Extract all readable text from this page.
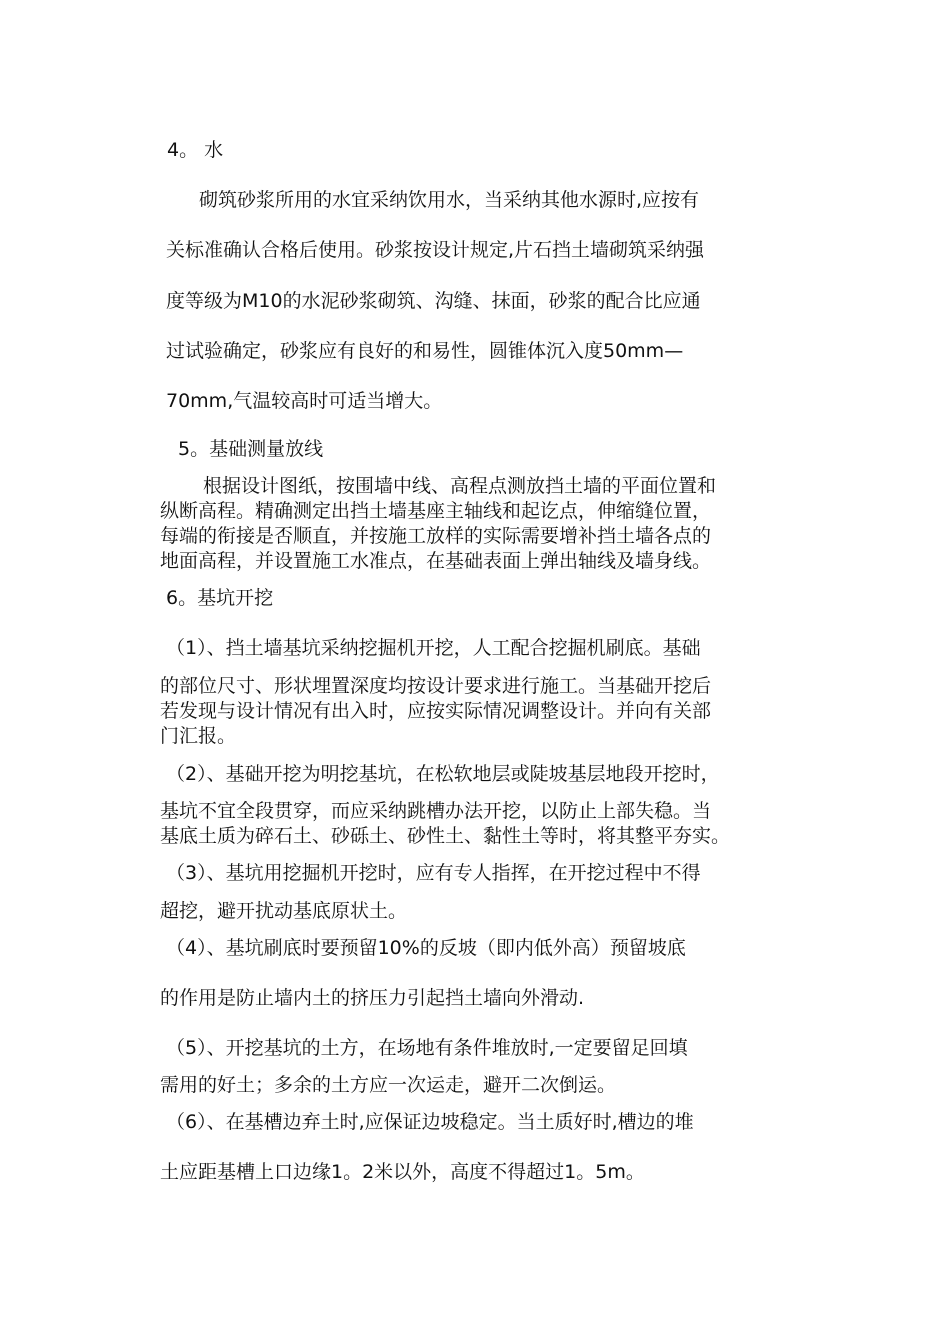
4。 水

砌筑砂浆所用的水宜采纳饮用水，当采纳其他水源时,应按有

关标准确认合格后使用。砂浆按设计规定,片石挡土墙砌筑采纳强

度等级为M10的水泥砂浆砌筑、沟缝、抹面，砂浆的配合比应通

过试验确定，砂浆应有良好的和易性，圆锥体沉入度50mm—

70mm,气温较高时可适当增大。

5。基础测量放线

根据设计图纸，按围墙中线、高程点测放挡土墙的平面位置和

纵断高程。精确测定出挡土墙基座主轴线和起讫点，伸缩缝位置，

每端的衔接是否顺直，并按施工放样的实际需要增补挡土墙各点的

地面高程，并设置施工水准点，在基础表面上弹出轴线及墙身线。

6。基坑开挖

（1）、挡土墙基坑采纳挖掘机开挖，人工配合挖掘机刷底。基础

的部位尺寸、形状埋置深度均按设计要求进行施工。当基础开挖后

若发现与设计情况有出入时，应按实际情况调整设计。并向有关部

门汇报。

（2）、基础开挖为明挖基坑，在松软地层或陡坡基层地段开挖时，

基坑不宜全段贯穿，而应采纳跳槽办法开挖，以防止上部失稳。当

基底土质为碎石土、砂砾土、砂性土、黏性土等时，将其整平夯实。

（3）、基坑用挖掘机开挖时，应有专人指挥，在开挖过程中不得

超挖，避开扰动基底原状土。

（4）、基坑刷底时要预留10%的反坡（即内低外高）预留坡底

的作用是防止墙内土的挤压力引起挡土墙向外滑动.

（5）、开挖基坑的土方，在场地有条件堆放时,一定要留足回填

需用的好土；多余的土方应一次运走，避开二次倒运。

（6）、在基槽边弃土时,应保证边坡稳定。当土质好时,槽边的堆

土应距基槽上口边缘1。2米以外，高度不得超过1。5m。
